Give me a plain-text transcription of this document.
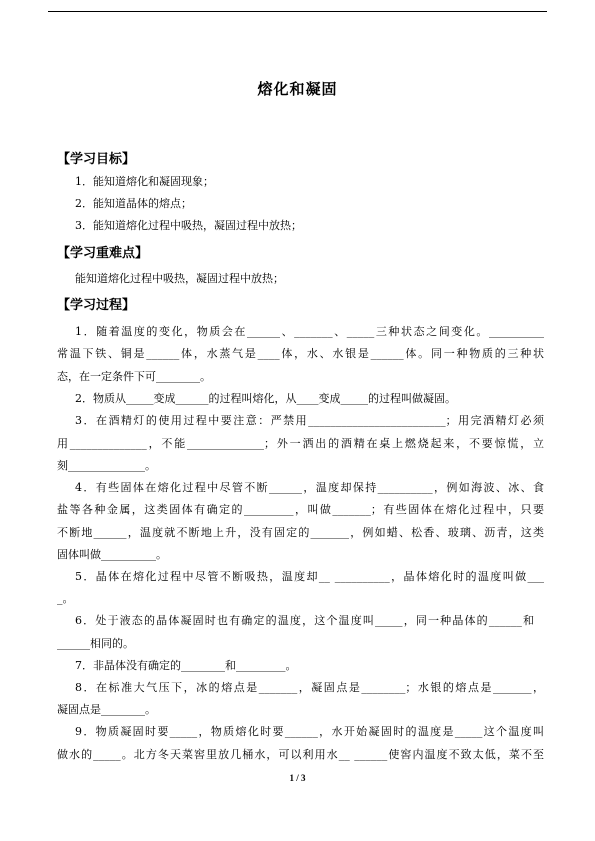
熔化和凝固
【学习目标】
1．能知道熔化和凝固现象；
2．能知道晶体的熔点；
3．能知道熔化过程中吸热，凝固过程中放热；
【学习重难点】
能知道熔化过程中吸热，凝固过程中放热；
【学习过程】
1．随着温度的变化，物质会在______、_______、_____三种状态之间变化。__________
常温下铁、铜是______体，水蒸气是____体，水、水银是______体。同一种物质的三种状
态，在一定条件下可________。
2．物质从_____变成______的过程叫熔化，从____变成_____的过程叫做凝固。
3．在酒精灯的使用过程中要注意：严禁用_________________________；用完酒精灯必须
用______________，不能______________；外一洒出的酒精在桌上燃烧起来，不要惊慌，立
刻______________。
4．有些固体在熔化过程中尽管不断______，温度却保持__________，例如海波、冰、食
盐等各种金属，这类固体有确定的_________，叫做_______；有些固体在熔化过程中，只要
不断地______，温度就不断地上升，没有固定的_______，例如蜡、松香、玻璃、沥青，这类
固体叫做__________。
5．晶体在熔化过程中尽管不断吸热，温度却__ __________，晶体熔化时的温度叫做___
_。
6．处于液态的晶体凝固时也有确定的温度，这个温度叫_____，同一种晶体的______和
______相同的。
7．非晶体没有确定的________和_________。
8．在标准大气压下，冰的熔点是_______，凝固点是________；水银的熔点是_______，
凝固点是________。
9．物质凝固时要_____，物质熔化时要______，水开始凝固时的温度是_____这个温度叫
做水的_____。北方冬天菜窖里放几桶水，可以利用水__ ______使窖内温度不致太低，菜不至
1 / 3
